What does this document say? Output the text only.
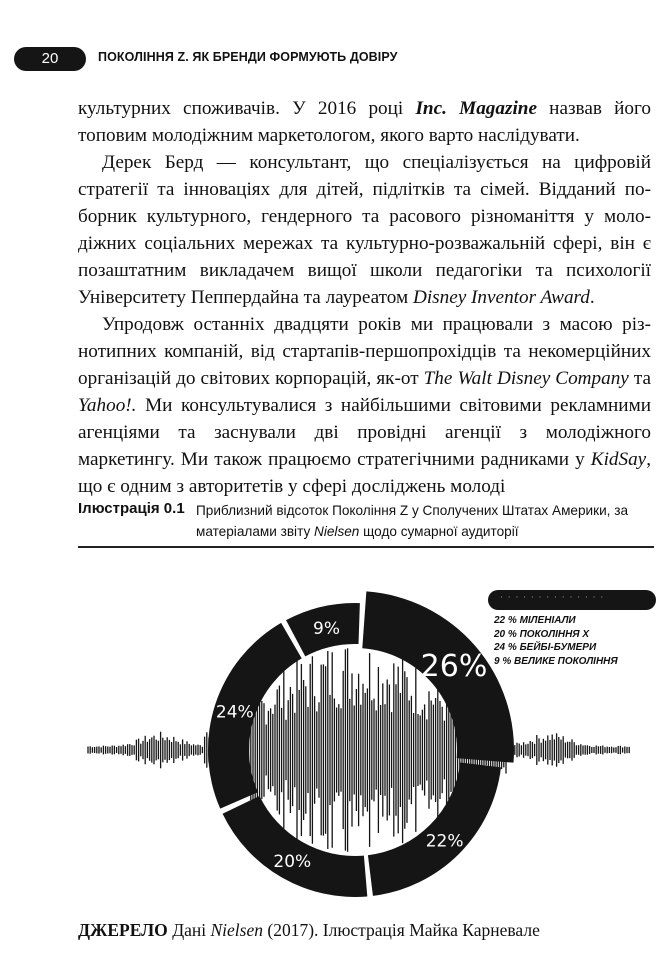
20	ПОКОЛІННЯ Z. ЯК БРЕНДИ ФОРМУЮТЬ ДОВІРУ

культурних споживачів. У 2016 році Inc. Magazine назвав його топовим молодіжним маркетологом, якого варто наслідувати.

Дерек Берд — консультант, що спеціалізується на цифровій стратегії та інноваціях для дітей, підлітків та сімей. Відданий поборник культурного, гендерного та расового різноманіття у молодіжних соціальних мережах та культурно-розважальній сфері, він є позаштатним викладачем вищої школи педагогіки та психології Університету Пеппердайна та лауреатом Disney Inventor Award.

Упродовж останніх двадцяти років ми працювали з масою різнотипних компаній, від стартапів-першопрохідців та некомерційних організацій до світових корпорацій, як-от The Walt Disney Company та Yahoo!. Ми консультувалися з найбільшими світовими рекламними агенціями та заснували дві провідні агенції з молодіжного маркетингу. Ми також працюємо стратегічними радниками у KidSay, що є одним з авторитетів у сфері досліджень молоді

Ілюстрація 0.1 Приблизний відсоток Покоління Z у Сполучених Штатах Америки, за матеріалами звіту Nielsen щодо сумарної аудиторії
26%
22%
20%
24%
9%
· · · · · · · · · · · · · ·
22 % МІЛЕНІАЛИ
20 % ПОКОЛІННЯ Х
24 % БЕЙБІ-БУМЕРИ
9 % ВЕЛИКЕ ПОКОЛІННЯ
ДЖЕРЕЛО Дані Nielsen (2017). Ілюстрація Майка Карневале
